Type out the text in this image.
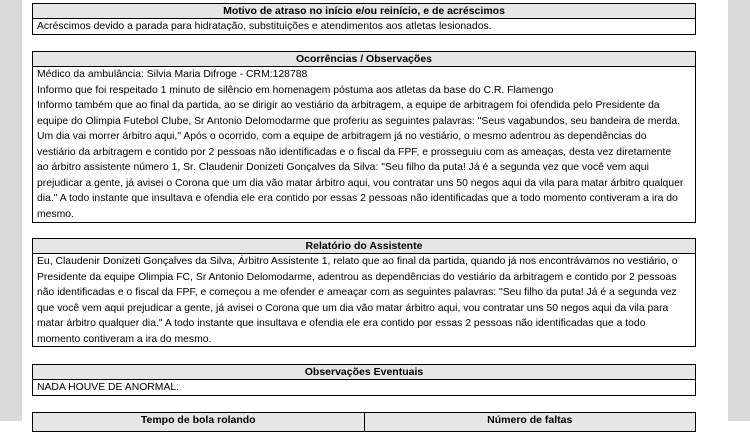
Motivo de atraso no início e/ou reinício, e de acréscimos
Acréscimos devido a parada para hidratação, substituições e atendimentos aos atletas lesionados.
Ocorrências / Observações
Médico da ambulância: Silvia Maria Difroge - CRM:128788
Informo que foi respeitado 1 minuto de silêncio em homenagem póstuma aos atletas da base do C.R. Flamengo
Informo também que ao final da partida, ao se dirigir ao vestiário da arbitragem, a equipe de arbitragem foi ofendida pelo Presidente da
equipe do Olimpia Futebol Clube, Sr Antonio Delomodarme que proferiu as seguintes palavras: "Seus vagabundos, seu bandeira de merda.
Um dia vai morrer árbitro aqui," Após o ocorrido, com a equipe de arbitragem já no vestiário, o mesmo adentrou as dependências do
vestiário da arbitragem e contido por 2 pessoas não identificadas e o fiscal da FPF, e prosseguiu com as ameaças, desta vez diretamente
ao árbitro assistente número 1, Sr. Claudenir Donizeti Gonçalves da Silva: "Seu filho da puta! Já é a segunda vez que você vem aqui
prejudicar a gente, já avisei o Corona que um dia vão matar árbitro aqui, vou contratar uns 50 negos aqui da vila para matar árbitro qualquer
dia." A todo instante que insultava e ofendia ele era contido por essas 2 pessoas não identificadas que a todo momento contiveram a ira do
mesmo.
Relatório do Assistente
Eu, Claudenir Donizeti Gonçalves da Silva, Árbitro Assistente 1, relato que ao final da partida, quando já nos encontrávamos no vestiário, o
Presidente da equipe Olimpia FC, Sr Antonio Delomodarme, adentrou as dependências do vestiário da arbitragem e contido por 2 pessoas
não identificadas e o fiscal da FPF, e começou a me ofender e ameaçar com as seguintes palavras: "Seu filho da puta! Já é a segunda vez
que você vem aqui prejudicar a gente, já avisei o Corona que um dia vão matar árbitro aqui, vou contratar uns 50 negos aqui da vila para
matar árbitro qualquer dia." A todo instante que insultava e ofendia ele era contido por essas 2 pessoas não identificadas que a todo
momento contiveram a ira do mesmo.
Observações Eventuais
NADA HOUVE DE ANORMAL.
Tempo de bola rolando	Número de faltas
